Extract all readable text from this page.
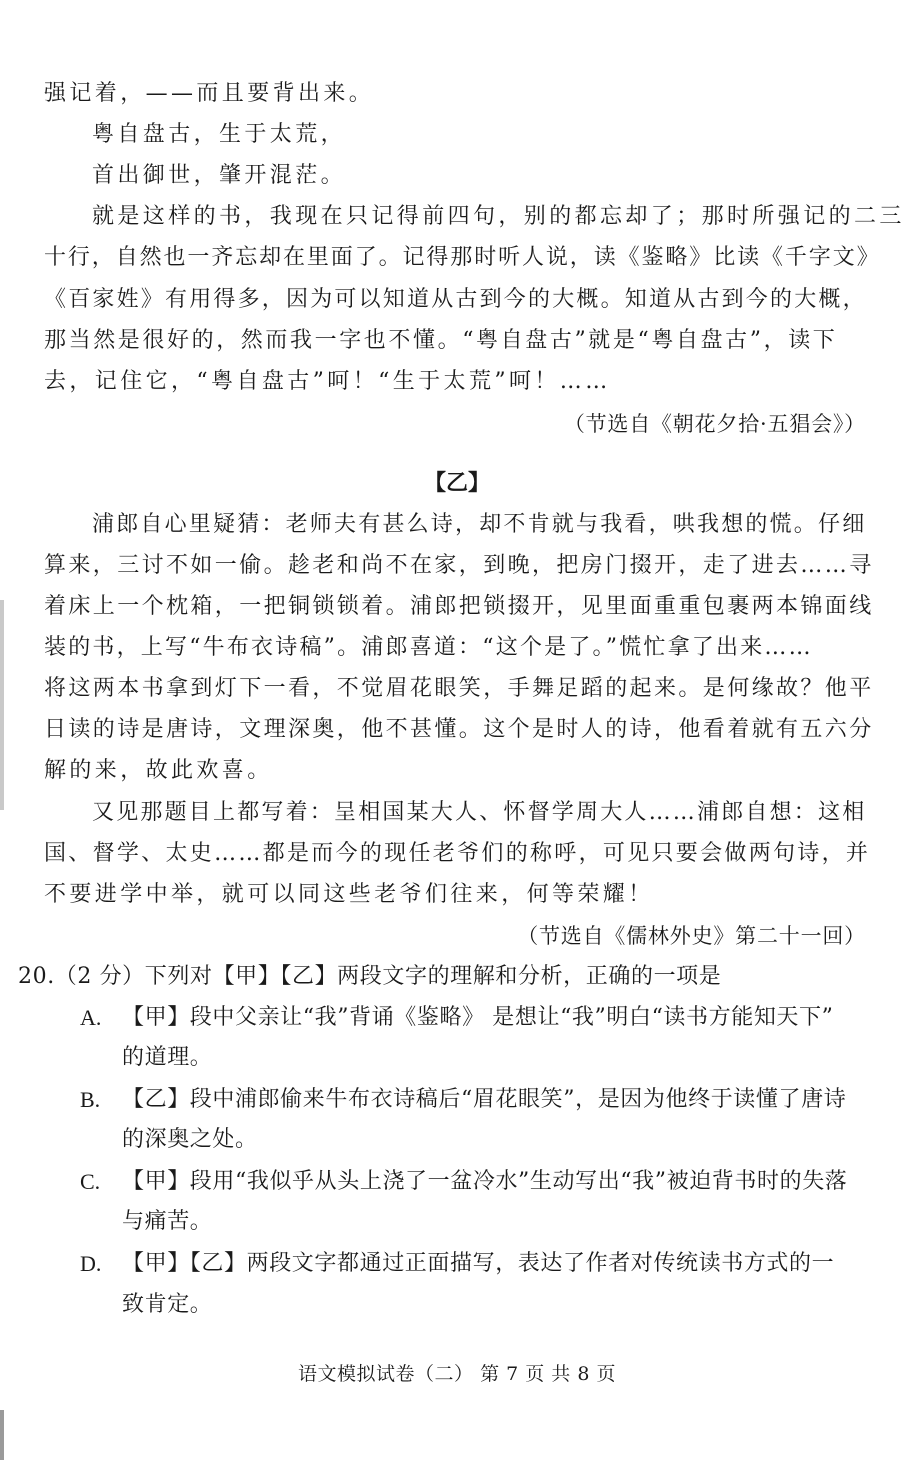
强记着，——而且要背出来。
粤自盘古，生于太荒，
首出御世，肇开混茫。
就是这样的书，我现在只记得前四句，别的都忘却了；那时所强记的二三
十行，自然也一齐忘却在里面了。记得那时听人说，读《鉴略》比读《千字文》
《百家姓》有用得多，因为可以知道从古到今的大概。知道从古到今的大概，
那当然是很好的，然而我一字也不懂。“粤自盘古”就是“粤自盘古”，读下
去，记住它，“粤自盘古”呵！“生于太荒”呵！……
（节选自《朝花夕拾·五猖会》）
【乙】
浦郎自心里疑猜：老师夫有甚么诗，却不肯就与我看，哄我想的慌。仔细
算来，三讨不如一偷。趁老和尚不在家，到晚，把房门掇开，走了进去……寻
着床上一个枕箱，一把铜锁锁着。浦郎把锁掇开，见里面重重包裹两本锦面线
装的书，上写“牛布衣诗稿”。浦郎喜道：“这个是了。”慌忙拿了出来……
将这两本书拿到灯下一看，不觉眉花眼笑，手舞足蹈的起来。是何缘故？他平
日读的诗是唐诗，文理深奥，他不甚懂。这个是时人的诗，他看着就有五六分
解的来，故此欢喜。
又见那题目上都写着：呈相国某大人、怀督学周大人……浦郎自想：这相
国、督学、太史……都是而今的现任老爷们的称呼，可见只要会做两句诗，并
不要进学中举，就可以同这些老爷们往来，何等荣耀！
（节选自《儒林外史》第二十一回）
20.（2 分）下列对【甲】【乙】两段文字的理解和分析，正确的一项是
A. 【甲】段中父亲让“我”背诵《鉴略》 是想让“我”明白“读书方能知天下”
的道理。
B. 【乙】段中浦郎偷来牛布衣诗稿后“眉花眼笑”，是因为他终于读懂了唐诗
的深奥之处。
C. 【甲】段用“我似乎从头上浇了一盆冷水”生动写出“我”被迫背书时的失落
与痛苦。
D. 【甲】【乙】两段文字都通过正面描写，表达了作者对传统读书方式的一
致肯定。
语文模拟试卷（二） 第 7 页 共 8 页
